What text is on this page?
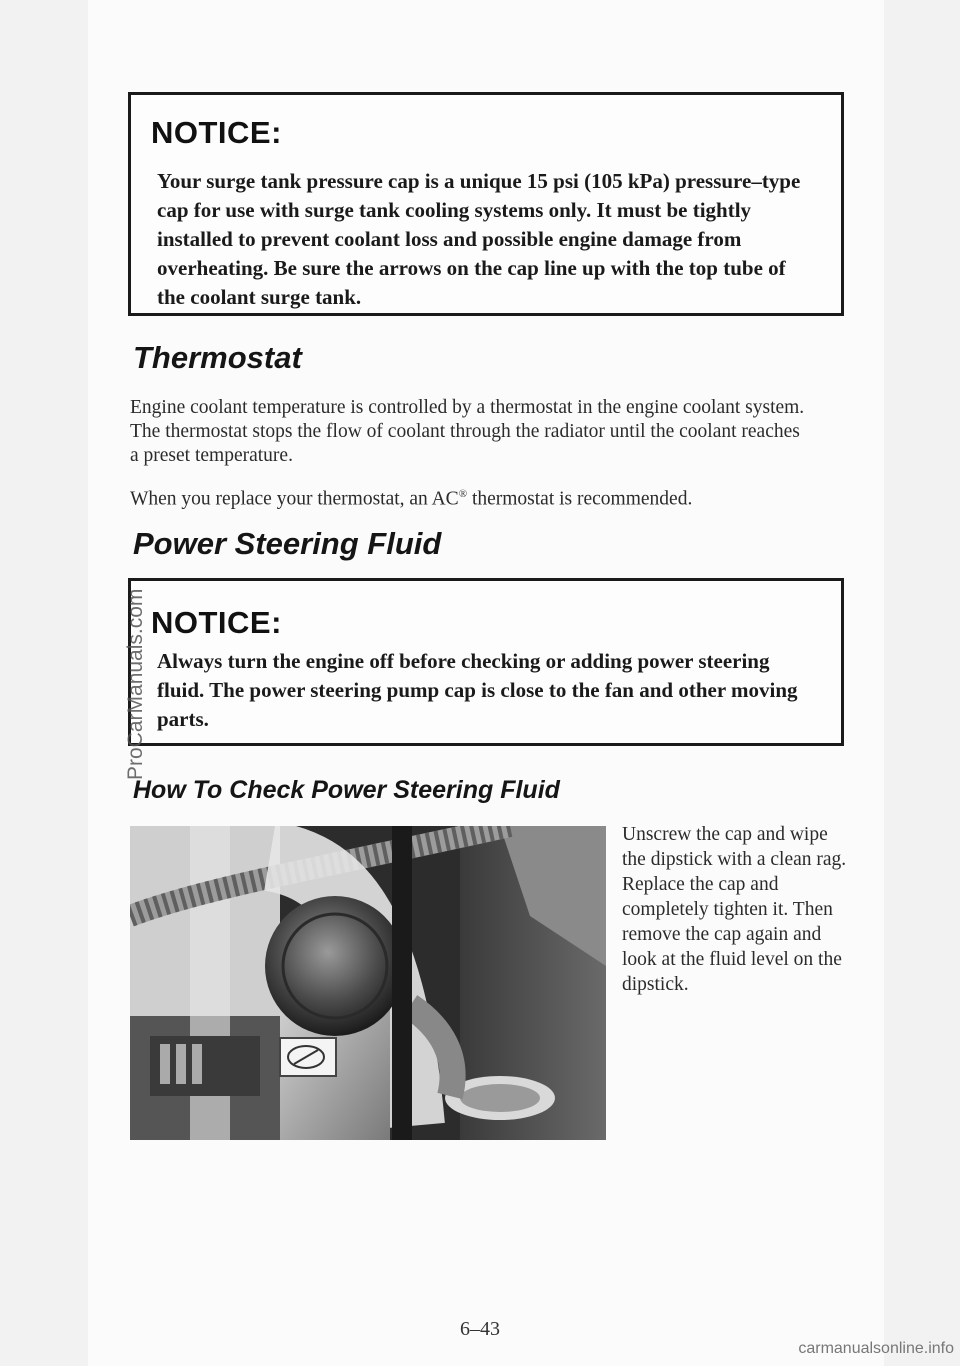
NOTICE:
Your surge tank pressure cap is a unique 15 psi (105 kPa) pressure–type cap for use with surge tank cooling systems only. It must be tightly installed to prevent coolant loss and possible engine damage from overheating. Be sure the arrows on the cap line up with the top tube of the coolant surge tank.
Thermostat
Engine coolant temperature is controlled by a thermostat in the engine coolant system. The thermostat stops the flow of coolant through the radiator until the coolant reaches a preset temperature.
When you replace your thermostat, an AC® thermostat is recommended.
Power Steering Fluid
NOTICE:
Always turn the engine off before checking or adding power steering fluid. The power steering pump cap is close to the fan and other moving parts.
How To Check Power Steering Fluid
Unscrew the cap and wipe the dipstick with a clean rag. Replace the cap and completely tighten it. Then remove the cap again and look at the fluid level on the dipstick.
6–43
ProCarManuals.com
carmanualsonline.info
